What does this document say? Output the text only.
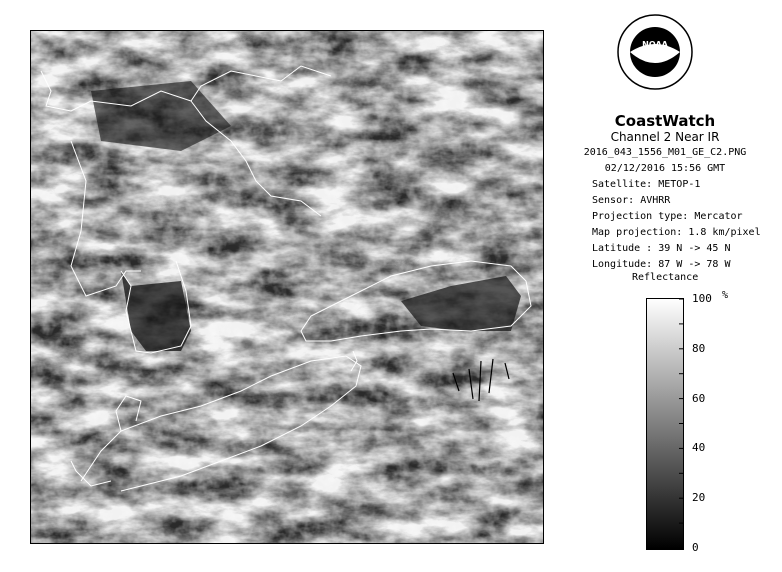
NOAA
CoastWatch
Channel 2 Near IR
2016_043_1556_M01_GE_C2.PNG
02/12/2016 15:56 GMT
Satellite: METOP-1
Sensor: AVHRR
Projection type: Mercator
Map projection: 1.8 km/pixel
Latitude : 39 N -> 45 N
Longitude: 87 W -> 78 W
Reflectance
%
100
80
60
40
20
0
